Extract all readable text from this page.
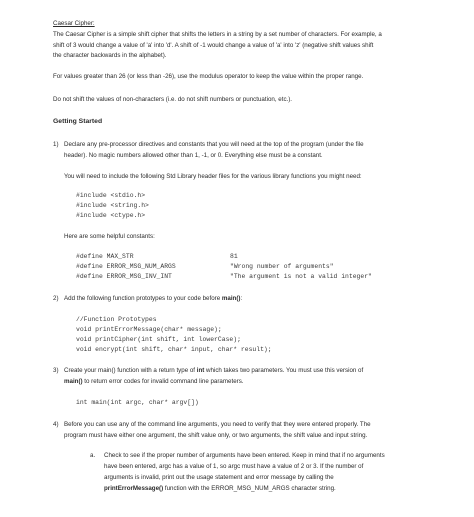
Caesar Cipher:
The Caesar Cipher is a simple shift cipher that shifts the letters in a string by a set number of characters. For example, a
shift of 3 would change a value of 'a' into 'd'. A shift of -1 would change a value of 'a' into 'z' (negative shift values shift
the character backwards in the alphabet).
For values greater than 26 (or less than -26), use the modulus operator to keep the value within the proper range.
Do not shift the values of non-characters (i.e. do not shift numbers or punctuation, etc.).
Getting Started
1) Declare any pre-processor directives and constants that you will need at the top of the program (under the file
header). No magic numbers allowed other than 1, -1, or 0. Everything else must be a constant.
You will need to include the following Std Library header files for the various library functions you might need:
#include <stdio.h>
#include <string.h>
#include <ctype.h>
Here are some helpful constants:
#define MAX_STR	81
#define ERROR_MSG_NUM_ARGS	"Wrong number of arguments"
#define ERROR_MSG_INV_INT	"The argument is not a valid integer"
2) Add the following function prototypes to your code before main():
//Function Prototypes
void printErrorMessage(char* message);
void printCipher(int shift, int lowerCase);
void encrypt(int shift, char* input, char* result);
3) Create your main() function with a return type of int which takes two parameters. You must use this version of
main() to return error codes for invalid command line parameters.
int main(int argc, char* argv[])
4) Before you can use any of the command line arguments, you need to verify that they were entered properly. The
program must have either one argument, the shift value only, or two arguments, the shift value and input string.
a. Check to see if the proper number of arguments have been entered. Keep in mind that if no arguments
have been entered, argc has a value of 1, so argc must have a value of 2 or 3. If the number of
arguments is invalid, print out the usage statement and error message by calling the
printErrorMessage() function with the ERROR_MSG_NUM_ARGS character string.
